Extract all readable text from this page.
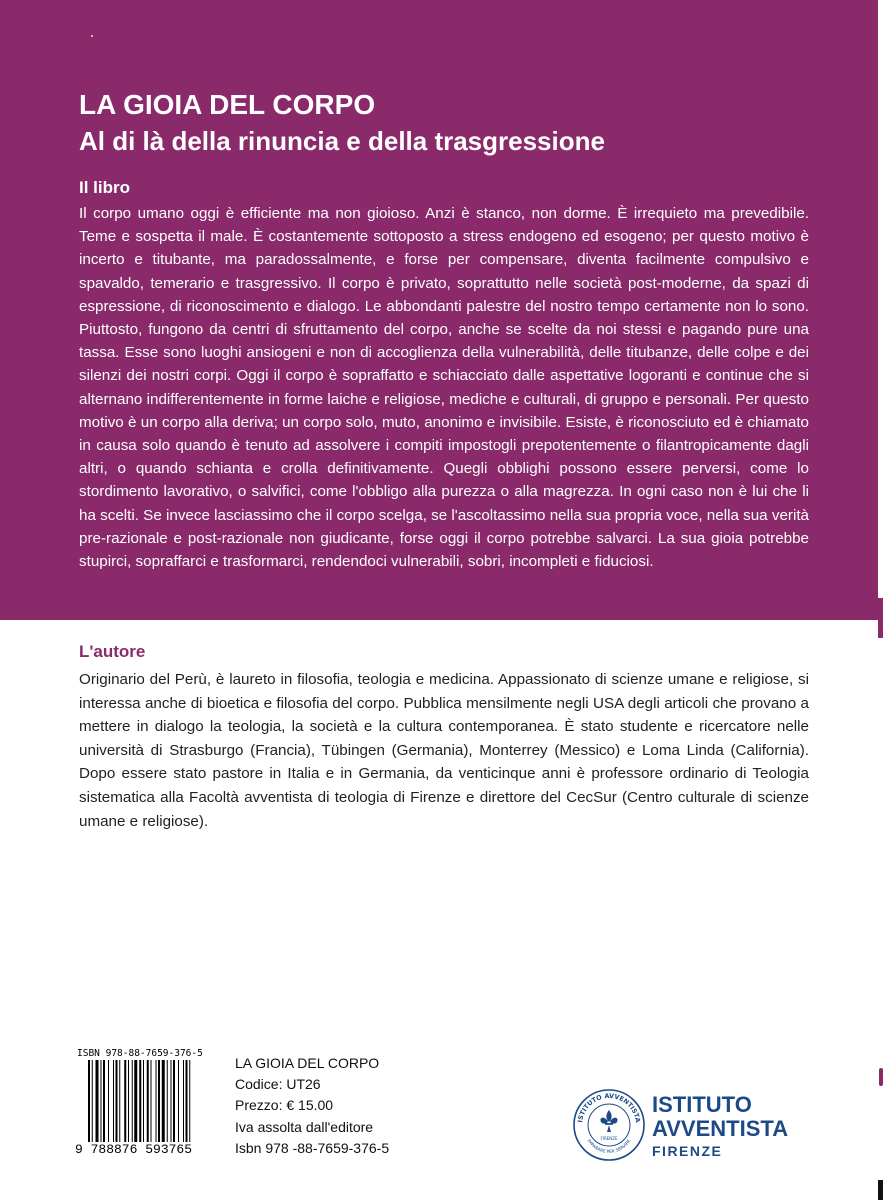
LA GIOIA DEL CORPO
Al di là della rinuncia e della trasgressione
Il libro

Il corpo umano oggi è efficiente ma non gioioso. Anzi è stanco, non dorme. È irrequieto ma prevedibile. Teme e sospetta il male. È costantemente sottoposto a stress endogeno ed esogeno; per questo motivo è incerto e titubante, ma paradossalmente, e forse per compensare, diventa facilmente compulsivo e spavaldo, temerario e trasgressivo. Il corpo è privato, soprattutto nelle società post-moderne, da spazi di espressione, di riconoscimento e dialogo. Le abbondanti palestre del nostro tempo certamente non lo sono. Piuttosto, fungono da centri di sfruttamento del corpo, anche se scelte da noi stessi e pagando pure una tassa. Esse sono luoghi ansiogeni e non di accoglienza della vulnerabilità, delle titubanze, delle colpe e dei silenzi dei nostri corpi. Oggi il corpo è sopraffatto e schiacciato dalle aspettative logoranti e continue che si alternano indifferentemente in forme laiche e religiose, mediche e culturali, di gruppo e personali. Per questo motivo è un corpo alla deriva; un corpo solo, muto, anonimo e invisibile. Esiste, è riconosciuto ed è chiamato in causa solo quando è tenuto ad assolvere i compiti impostogli prepotentemente o filantropicamente dagli altri, o quando schianta e crolla definitivamente. Quegli obblighi possono essere perversi, come lo stordimento lavorativo, o salvifici, come l'obbligo alla purezza o alla magrezza. In ogni caso non è lui che li ha scelti. Se invece lasciassimo che il corpo scelga, se l'ascoltassimo nella sua propria voce, nella sua verità pre-razionale e post-razionale non giudicante, forse oggi il corpo potrebbe salvarci. La sua gioia potrebbe stupirci, sopraffarci e trasformarci, rendendoci vulnerabili, sobri, incompleti e fiduciosi.

L'autore

Originario del Perù, è laureto in filosofia, teologia e medicina. Appassionato di scienze umane e religiose, si interessa anche di bioetica e filosofia del corpo. Pubblica mensilmente negli USA degli articoli che provano a mettere in dialogo la teologia, la società e la cultura contemporanea. È stato studente e ricercatore nelle università di Strasburgo (Francia), Tübingen (Germania), Monterrey (Messico) e Loma Linda (California). Dopo essere stato pastore in Italia e in Germania, da venticinque anni è professore ordinario di Teologia sistematica alla Facoltà avventista di teologia di Firenze e direttore del CecSur (Centro culturale di scienze umane e religiose).

ISBN 978-88-7659-376-5
9 788876 593765
LA GIOIA DEL CORPO
Codice: UT26
Prezzo: € 15.00
Iva assolta dall'editore
Isbn 978 -88-7659-376-5
ISTITUTO AVVENTISTA
IMPARARE PER SERVIRE
FIRENZE
ISTITUTO
AVVENTISTA
FIRENZE
